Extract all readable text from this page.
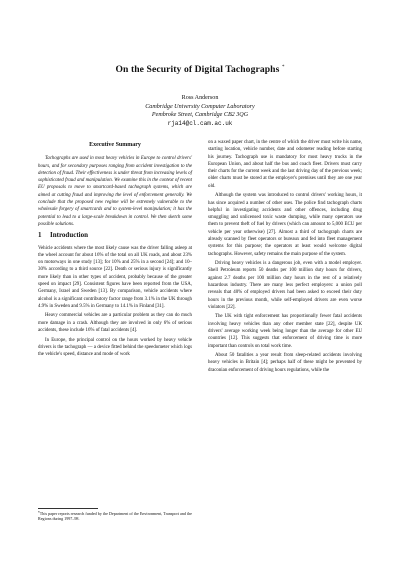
On the Security of Digital Tachographs *
Ross Anderson
Cambridge University Computer Laboratory
Pembroke Street, Cambridge CB2 3QG
rja14@cl.cam.ac.uk
Executive Summary

Tachographs are used in most heavy vehicles in Europe to control drivers' hours, and for secondary purposes ranging from accident investigation to the detection of fraud. Their effectiveness is under threat from increasing levels of sophisticated fraud and manipulation. We examine this in the context of recent EU proposals to move to smartcard-based tachograph systems, which are aimed at cutting fraud and improving the level of enforcement generally. We conclude that the proposed new regime will be extremely vulnerable to the wholesale forgery of smartcards and to system-level manipulation; it has the potential to lead to a large-scale breakdown in control. We then sketch some possible solutions.

1 Introduction

Vehicle accidents where the most likely cause was the driver falling asleep at the wheel account for about 16% of the total on all UK roads, and about 23% on motorways in one study [13]; for 10% and 25% in a second [24]; and 10–30% according to a third source [22]. Death or serious injury is significantly more likely than in other types of accident, probably because of the greater speed on impact [29]. Consistent figures have been reported from the USA, Germany, Israel and Sweden [13]. By comparison, vehicle accidents where alcohol is a significant contributory factor range from 3.1% in the UK through 4.9% in Sweden and 9.5% in Germany to 14.1% in Finland [31].

Heavy commercial vehicles are a particular problem as they can do much more damage in a crash. Although they are involved in only 6% of serious accidents, these include 16% of fatal accidents [4].

In Europe, the principal control on the hours worked by heavy vehicle drivers is the tachograph — a device fitted behind the speedometer which logs the vehicle's speed, distance and mode of work

on a waxed paper chart, in the centre of which the driver must write his name, starting location, vehicle number, date and odometer reading before starting his journey. Tachograph use is mandatory for most heavy trucks in the European Union, and about half the bus and coach fleet. Drivers must carry their charts for the current week and the last driving day of the previous week; older charts must be stored at the employer's premises until they are one year old.

Although the system was introduced to control drivers' working hours, it has since acquired a number of other uses. The police find tachograph charts helpful in investigating accidents and other offences, including drug smuggling and unlicensed toxic waste dumping, while many operators use them to prevent theft of fuel by drivers (which can amount to 5,000 ECU per vehicle per year otherwise) [27]. Almost a third of tachograph charts are already scanned by fleet operators or bureaux and fed into fleet management systems for this purpose; the operators at least would welcome digital tachographs. However, safety remains the main purpose of the system.

Driving heavy vehicles is a dangerous job, even with a model employer. Shell Petroleum reports 50 deaths per 100 million duty hours for drivers, against 2.7 deaths per 100 million duty hours in the rest of a relatively hazardous industry. There are many less perfect employers: a union poll reveals that 40% of employed drivers had been asked to exceed their duty hours in the previous month, while self-employed drivers are even worse violators [22].

The UK with tight enforcement has proportionally fewer fatal accidents involving heavy vehicles than any other member state [22], despite UK drivers' average working week being longer than the average for other EU countries [12]. This suggests that enforcement of driving time is more important than controls on total work time.

About 50 fatalities a year result from sleep-related accidents involving heavy vehicles in Britain [4]; perhaps half of these might be prevented by draconian enforcement of driving hours regulations, while the

*This paper reports research funded by the Department of the Environment, Transport and the Regions during 1997–98.
